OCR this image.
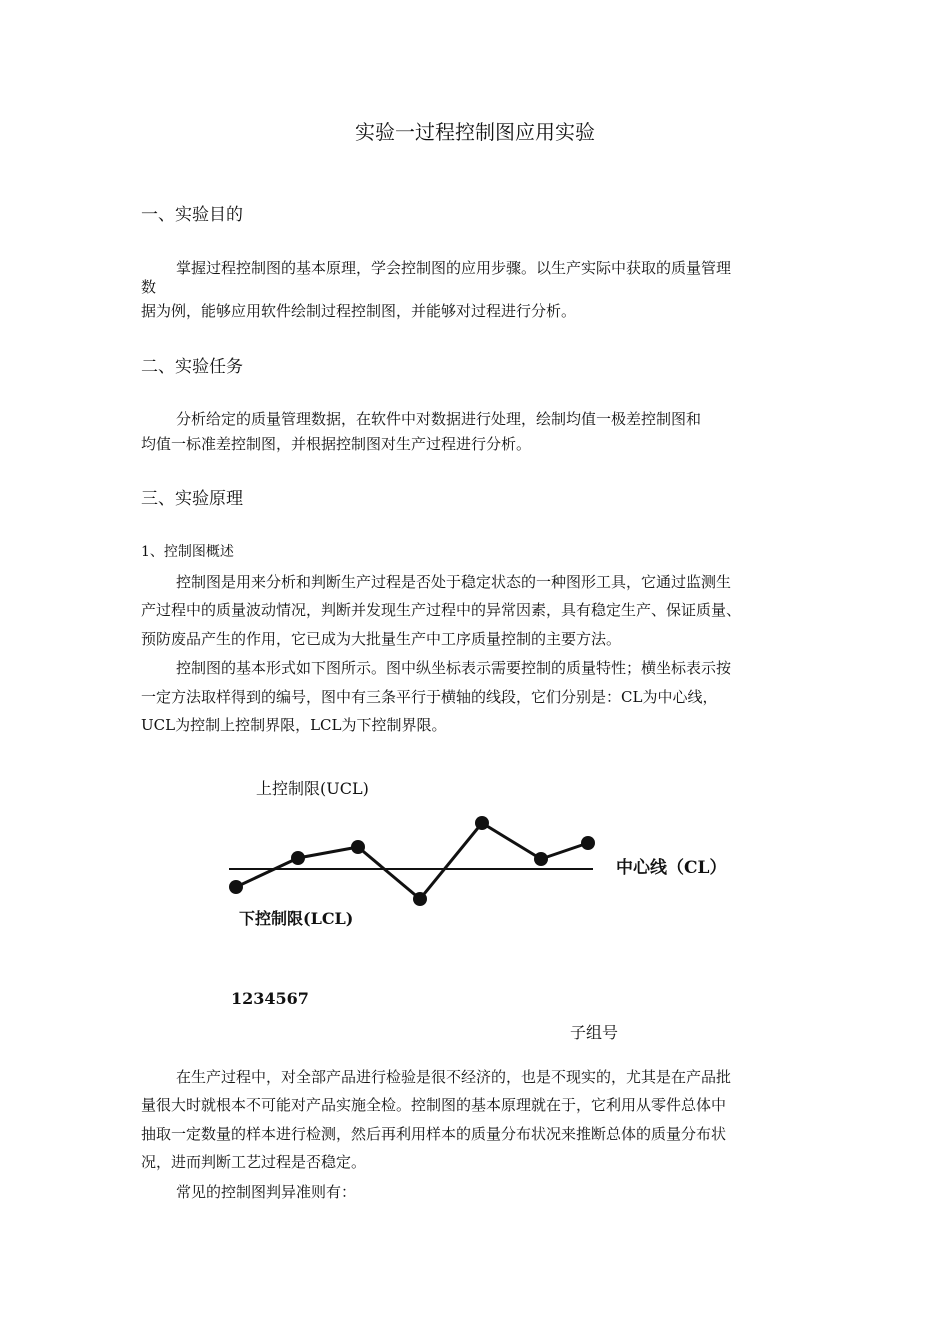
实验一过程控制图应用实验
一、实验目的
掌握过程控制图的基本原理，学会控制图的应用步骤。以生产实际中获取的质量管理
数
据为例，能够应用软件绘制过程控制图，并能够对过程进行分析。
二、实验任务
分析给定的质量管理数据，在软件中对数据进行处理，绘制均值一极差控制图和
均值一标准差控制图，并根据控制图对生产过程进行分析。
三、实验原理
1、控制图概述
控制图是用来分析和判断生产过程是否处于稳定状态的一种图形工具，它通过监测生
产过程中的质量波动情况，判断并发现生产过程中的异常因素，具有稳定生产、保证质量、
预防废品产生的作用，它已成为大批量生产中工序质量控制的主要方法。
控制图的基本形式如下图所示。图中纵坐标表示需要控制的质量特性；横坐标表示按
一定方法取样得到的编号，图中有三条平行于横轴的线段，它们分别是：CL为中心线，
UCL为控制上控制界限，LCL为下控制界限。
上控制限(UCL)
中心线（CL）
下控制限(LCL)
1234567
子组号
在生产过程中，对全部产品进行检验是很不经济的，也是不现实的，尤其是在产品批
量很大时就根本不可能对产品实施全检。控制图的基本原理就在于，它利用从零件总体中
抽取一定数量的样本进行检测，然后再利用样本的质量分布状况来推断总体的质量分布状
况，进而判断工艺过程是否稳定。
常见的控制图判异准则有：
